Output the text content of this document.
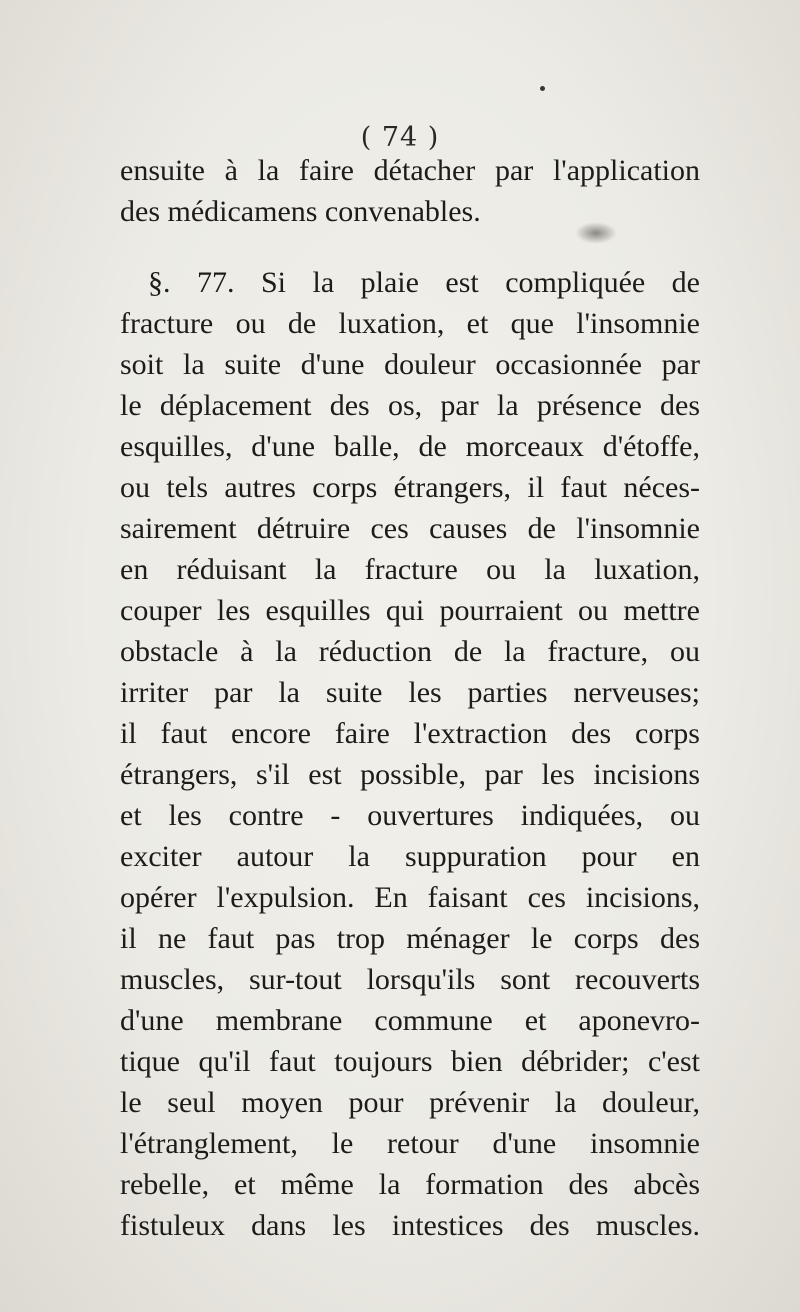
( 74 )
ensuite à la faire détacher par l'application
des médicamens convenables.
§. 77. Si la plaie est compliquée de
fracture ou de luxation, et que l'insomnie
soit la suite d'une douleur occasionnée par
le déplacement des os, par la présence des
esquilles, d'une balle, de morceaux d'étoffe,
ou tels autres corps étrangers, il faut néces-
sairement détruire ces causes de l'insomnie
en réduisant la fracture ou la luxation,
couper les esquilles qui pourraient ou mettre
obstacle à la réduction de la fracture, ou
irriter par la suite les parties nerveuses;
il faut encore faire l'extraction des corps
étrangers, s'il est possible, par les incisions
et les contre - ouvertures indiquées, ou
exciter autour la suppuration pour en
opérer l'expulsion. En faisant ces incisions,
il ne faut pas trop ménager le corps des
muscles, sur-tout lorsqu'ils sont recouverts
d'une membrane commune et aponevro-
tique qu'il faut toujours bien débrider; c'est
le seul moyen pour prévenir la douleur,
l'étranglement, le retour d'une insomnie
rebelle, et même la formation des abcès
fistuleux dans les intestices des muscles.
